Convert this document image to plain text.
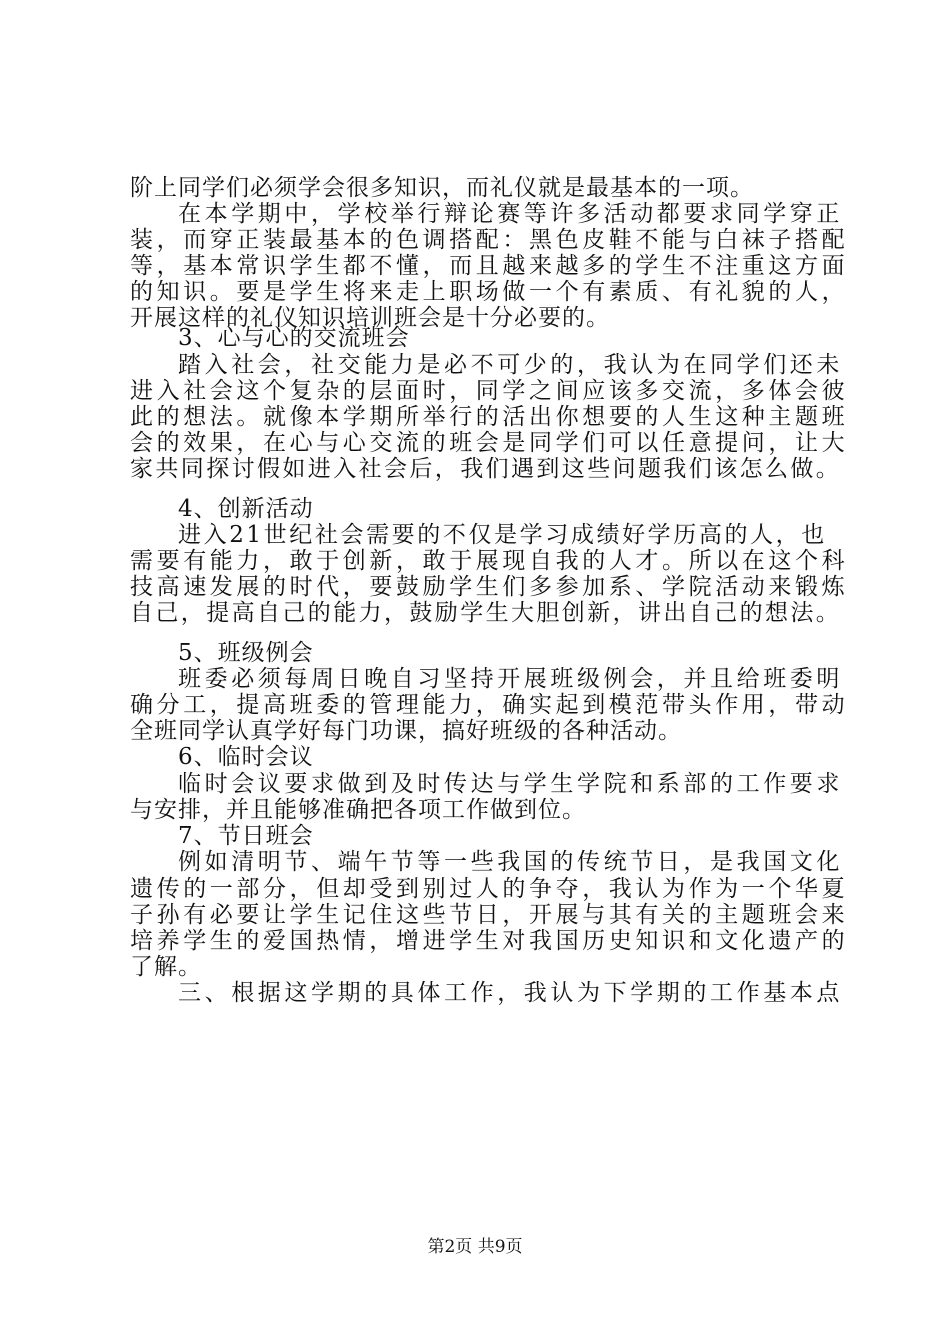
阶上同学们必须学会很多知识，而礼仪就是最基本的一项。
在本学期中，学校举行辩论赛等许多活动都要求同学穿正
装，而穿正装最基本的色调搭配：黑色皮鞋不能与白袜子搭配
等，基本常识学生都不懂，而且越来越多的学生不注重这方面
的知识。要是学生将来走上职场做一个有素质、有礼貌的人，
开展这样的礼仪知识培训班会是十分必要的。
3、心与心的交流班会
踏入社会，社交能力是必不可少的，我认为在同学们还未
进入社会这个复杂的层面时，同学之间应该多交流，多体会彼
此的想法。就像本学期所举行的活出你想要的人生这种主题班
会的效果，在心与心交流的班会是同学们可以任意提问，让大
家共同探讨假如进入社会后，我们遇到这些问题我们该怎么做。
4、创新活动
进入21世纪社会需要的不仅是学习成绩好学历高的人，也
需要有能力，敢于创新，敢于展现自我的人才。所以在这个科
技高速发展的时代，要鼓励学生们多参加系、学院活动来锻炼
自己，提高自己的能力，鼓励学生大胆创新，讲出自己的想法。
5、班级例会
班委必须每周日晚自习坚持开展班级例会，并且给班委明
确分工，提高班委的管理能力，确实起到模范带头作用，带动
全班同学认真学好每门功课，搞好班级的各种活动。
6、临时会议
临时会议要求做到及时传达与学生学院和系部的工作要求
与安排，并且能够准确把各项工作做到位。
7、节日班会
例如清明节、端午节等一些我国的传统节日，是我国文化
遗传的一部分，但却受到别过人的争夺，我认为作为一个华夏
子孙有必要让学生记住这些节日，开展与其有关的主题班会来
培养学生的爱国热情，增进学生对我国历史知识和文化遗产的
了解。
三、根据这学期的具体工作，我认为下学期的工作基本点
第2页 共9页
